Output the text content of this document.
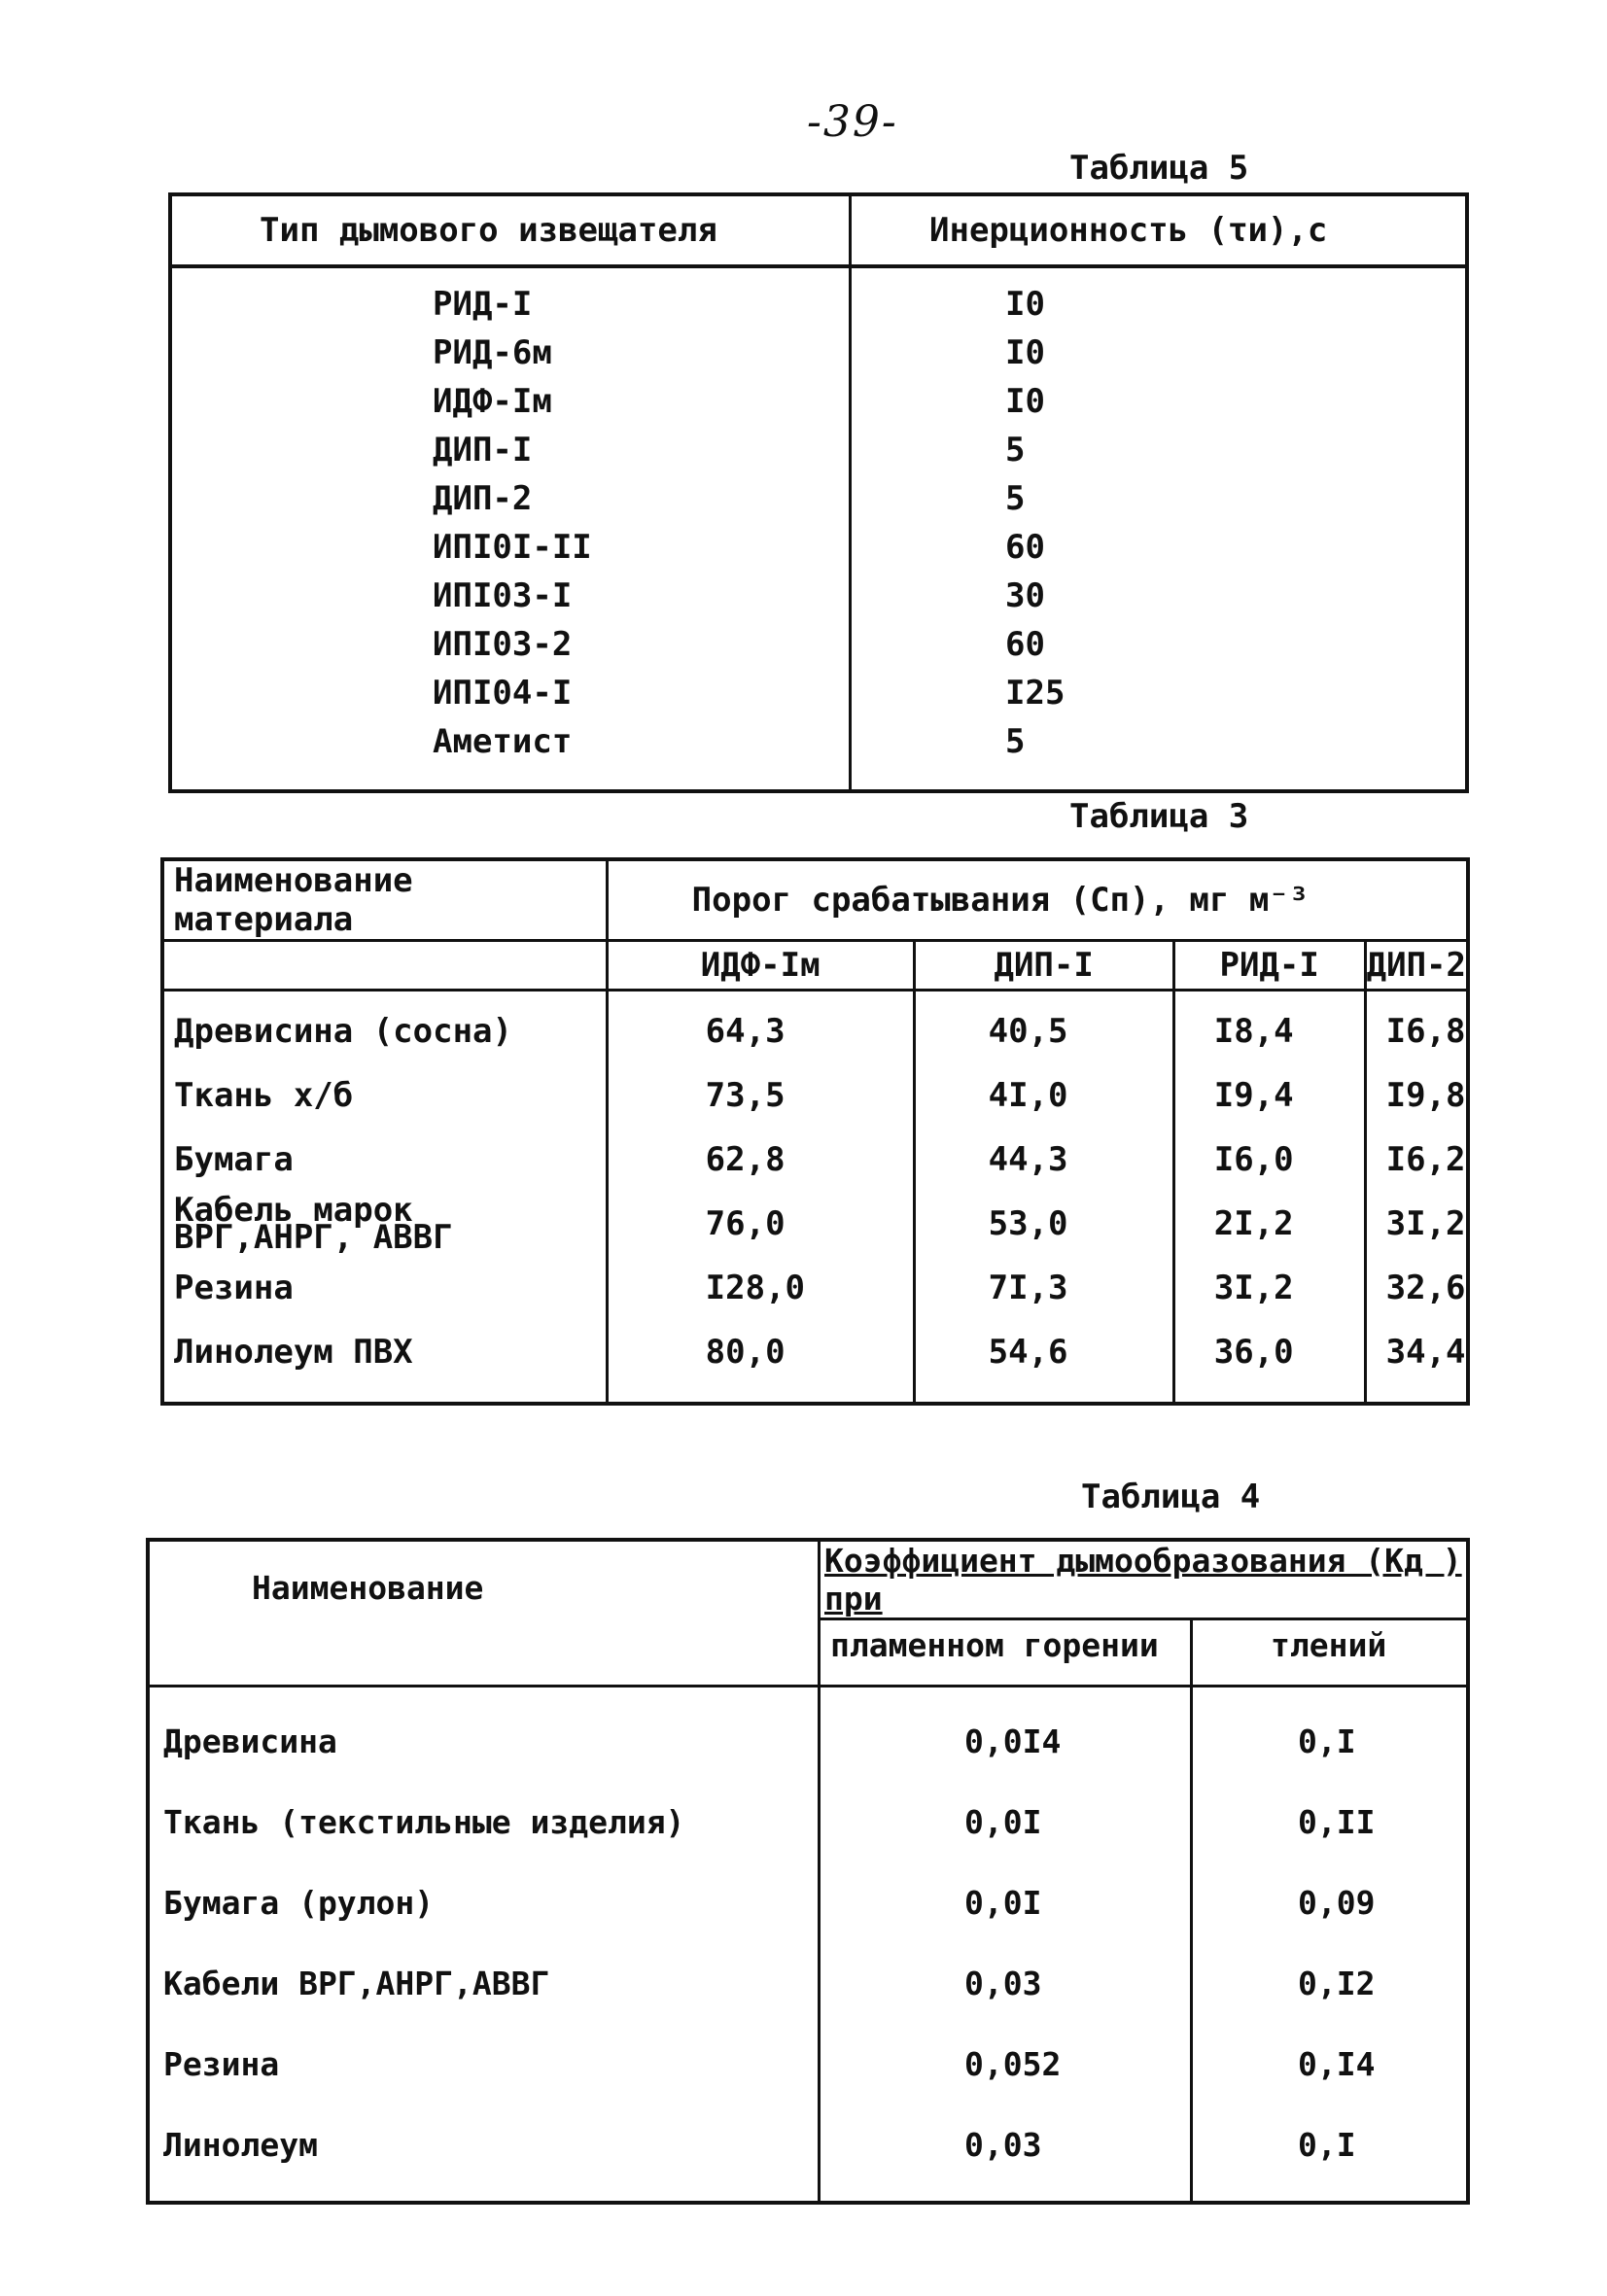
-39-
Таблица 5
Тип дымового извещателя	Инерционность (τи),с
РИД-I	I0
РИД-6м	I0
ИДФ-Iм	I0
ДИП-I	5
ДИП-2	5
ИПI0I-II	60
ИПI03-I	30
ИПI03-2	60
ИПI04-I	I25
Аметист	5
Таблица 3
Наименование материала	Порог срабатывания (Сп), мг м⁻³			
	ИДФ-Iм	ДИП-I	РИД-I	ДИП-2
Древисина (сосна)	64,3	40,5	I8,4	I6,8
Ткань х/б	73,5	4I,0	I9,4	I9,8
Бумага	62,8	44,3	I6,0	I6,2
Кабель марок ВРГ,АНРГ, АВВГ	76,0	53,0	2I,2	3I,2
Резина	I28,0	7I,3	3I,2	32,6
Линолеум ПВХ	80,0	54,6	36,0	34,4
Таблица 4
Наименование	Коэффициент дымообразования (Кд ) при	
	пламенном горении	тлений
Древисина	0,0I4	0,I
Ткань (текстильные изделия)	0,0I	0,II
Бумага (рулон)	0,0I	0,09
Кабели ВРГ,АНРГ,АВВГ	0,03	0,I2
Резина	0,052	0,I4
Линолеум	0,03	0,I
